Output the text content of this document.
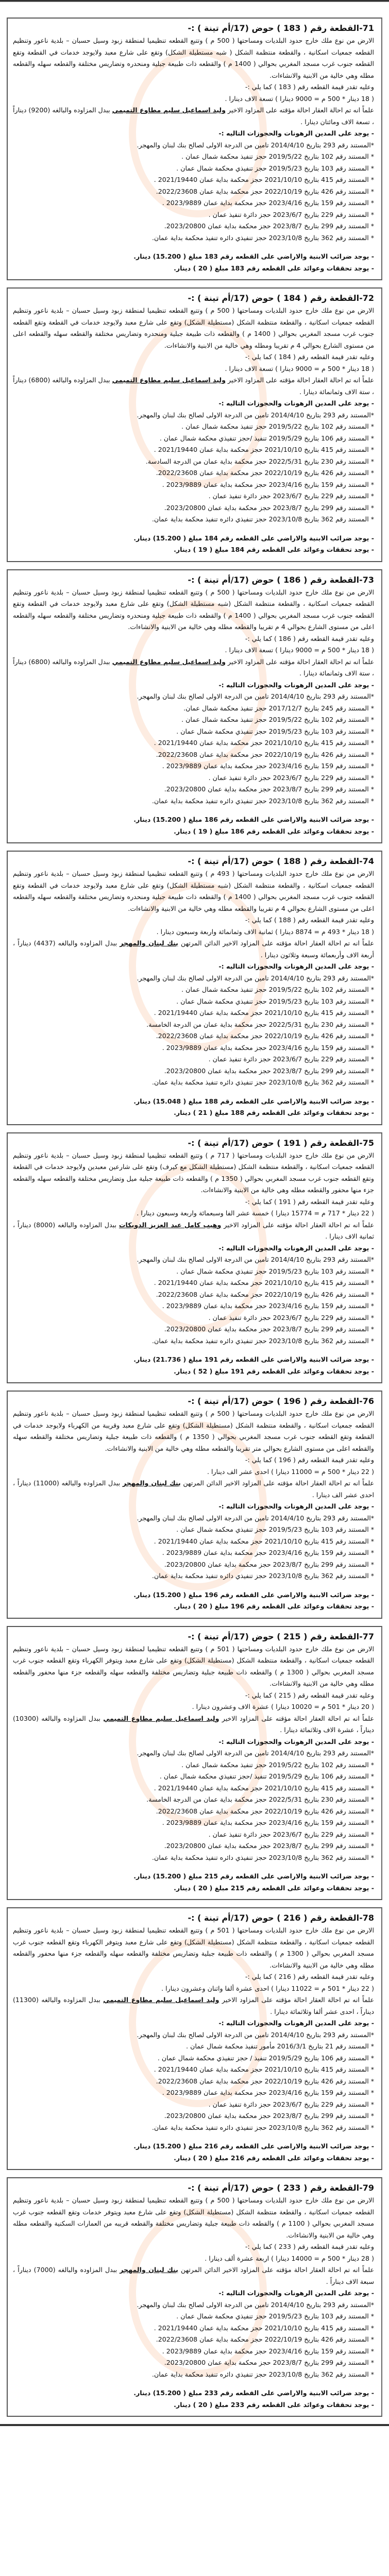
71-القطعة رقم ( 183 ) حوض (17/أم تينة ) :-

الارض من نوع ملك خارج حدود البلديات ومساحتها ( 500 م ) وتتبع القطعه تنظيميا لمنطقة زبود وسيل حسبان – بلدية ناعور وتنظيم القطعه جمعيات اسكانية ، والقطعة منتظمة الشكل ( شبه مستطيلة الشكل) وتقع على شارع معبد ولايوجد خدمات في القطعة وتقع القطعه جنوب غرب مسجد المغربي بحوالي ( 1400 م ) والقطعه ذات طبيعة جبلية ومنحدره وتضاريس مختلفة والقطعه سهله والقطعه مطله وهي خالية من الابنية والانشاءات.

وعليه تقدر قيمة القطعه رقم ( 183 ) كما يلي :-

( 18 دينار * 500 م = 9000 دينارا ) تسعة الاف دينارا .

علماً انه تم احالة العقار احالة مؤقته على المزاود الاخير وليد اسماعيل سليم مطاوع التميمي ببدل المزاوده والبالغه (9200) ديناراً ، تسعة الاف ومائتان دينارا .

- يوجد على المدين الرهونات والحجوزات التاليه :-

*المستند رقم 293 بتاريخ 2014/4/10 تامين من الدرجة الاولى لصالح بنك لبنان والمهجر.

* المستند رقم 102 بتاريخ 2019/5/22 حجز تنفيذ محكمة شمال عمان .

* المستند رقم 103 بتاريخ 2019/5/23 حجز تنفيذي محكمة شمال عمان .

* المستند رقم 415 بتاريخ 2021/10/10 حجز محكمة بداية عمان 2021/19440 .

* المستند رقم 426 بتاريخ 2022/10/19 حجز محكمة بداية عمان 2022/23608.

* المستند رقم 159 بتاريخ 2023/4/16 حجز محكمة بداية عمان 2023/9889 .

* المستند رقم 229 بتاريخ 2023/6/7 حجز دائرة تنفيذ عمان .

* المستند رقم 299 بتاريخ 2023/8/7 حجز محكمة بداية عمان 2023/20800.

* المستند رقم 362 بتاريخ 2023/10/8 حجز تنفيذي دائره تنفيذ محكمة بداية عمان.

- يوجد ضرائب الابنية والاراضي على القطعه رقم 183 مبلغ ( 15.200) دينار.

- يوجد تحققات وعوائد على القطعه رقم 183 مبلغ ( 20 ) دينار.

72-القطعة رقم ( 184 ) حوض (17/أم تينة ) :-

الارض من نوع ملك خارج حدود البلديات ومساحتها ( 500 م ) وتتبع القطعه تنظيميا لمنطقة زبود وسيل حسبان – بلدية ناعور وتنظيم القطعه جمعيات اسكانية ، والقطعة منتظمة الشكل (مستطيلة الشكل) وتقع على شارع معبد ولايوجد خدمات في القطعة وتقع القطعه جنوب غرب مسجد المغربي بحوالي ( 1400 م ) والقطعه ذات طبيعة جبلية ومنحدره وتضاريس مختلفة والقطعه سهله والقطعه اعلى من مستوى الشارع بحوالي 4 م تقريبا ومطله وهي خالية من الابنية والانشاءات.

وعليه تقدر قيمة القطعه رقم ( 184 ) كما يلي :-

( 18 دينار * 500 م = 9000 دينارا ) تسعة الاف دينارا .

علماً انه تم احالة العقار احالة مؤقته على المزاود الاخير وليد اسماعيل سليم مطاوع التميمي ببدل المزاوده والبالغه (6800) ديناراً ، ستة الاف وثمانمائة دينارا .

- يوجد على المدين الرهونات والحجوزات التاليه :-

*المستند رقم 293 بتاريخ 2014/4/10 تامين من الدرجة الاولى لصالح بنك لبنان والمهجر.

* المستند رقم 102 بتاريخ 2019/5/22 حجز تنفيذ محكمة شمال عمان .

* المستند رقم 106 بتاريخ 2019/5/29 تنفيذ /حجز تنفيذي محكمة شمال عمان .

* المستند رقم 415 بتاريخ 2021/10/10 حجز محكمة بداية عمان 2021/19440 .

* المستند رقم 230 بتاريخ 2022/5/31 حجز محكمة بداية عمان من الدرجة السادسة.

* المستند رقم 426 بتاريخ 2022/10/19 حجز محكمة بداية عمان 2022/23608.

* المستند رقم 159 بتاريخ 2023/4/16 حجز محكمة بداية عمان 2023/9889 .

* المستند رقم 229 بتاريخ 2023/6/7 حجز دائرة تنفيذ عمان .

* المستند رقم 299 بتاريخ 2023/8/7 حجز محكمة بداية عمان 2023/20800.

* المستند رقم 362 بتاريخ 2023/10/8 حجز تنفيذي دائره تنفيذ محكمة بداية عمان.

- يوجد ضرائب الابنية والاراضي على القطعه رقم 184 مبلغ ( 15.200) دينار.

- يوجد تحققات وعوائد على القطعه رقم 184 مبلغ ( 19 ) دينار.

73-القطعة رقم ( 186 ) حوض (17/أم تينة ) :-

الارض من نوع ملك خارج حدود البلديات ومساحتها ( 500 م ) وتتبع القطعه تنظيميا لمنطقة زبود وسيل حسبان – بلدية ناعور وتنظيم القطعه جمعيات اسكانية ، والقطعة منتظمة الشكل (شبه مستطيلة الشكل) وتقع على شارع معبد ولايوجد خدمات في القطعة وتقع القطعه جنوب غرب مسجد المغربي بحوالي ( 1400 م ) والقطعه ذات طبيعة جبلية ومنحدره وتضاريس مختلفة والقطعه سهله والقطعه اعلى من مستوى الشارع بحوالي 4 م تقريبا والقطعه مطله وهي خالية من الابنية والانشاءات.

وعليه تقدر قيمة القطعه رقم ( 186 ) كما يلي :-

( 18 دينار * 500 م = 9000 دينارا ) تسعة الاف دينارا .

علماً انه تم احالة العقار احالة مؤقته على المزاود الاخير وليد اسماعيل سليم مطاوع التميمي ببدل المزاوده والبالغه (6800) ديناراً ، ستة الاف وثمانمائة دينارا .

- يوجد على المدين الرهونات والحجوزات التاليه :-

*المستند رقم 293 بتاريخ 2014/4/10 تامين من الدرجة الاولى لصالح بنك لبنان والمهجر.

* المستند رقم 245 بتاريخ 2017/12/7 حجز تنفيذ محكمة شمال عمان.

* المستند رقم 102 بتاريخ 2019/5/22 حجز تنفيذ محكمة شمال عمان .

* المستند رقم 103 بتاريخ 2019/5/23 حجز تنفيذي محكمة شمال عمان .

* المستند رقم 415 بتاريخ 2021/10/10 حجز محكمة بداية عمان 2021/19440 .

* المستند رقم 426 بتاريخ 2022/10/19 حجز محكمة بداية عمان 2022/23608.

* المستند رقم 159 بتاريخ 2023/4/16 حجز محكمة بداية عمان 2023/9889 .

* المستند رقم 229 بتاريخ 2023/6/7 حجز دائرة تنفيذ عمان .

* المستند رقم 299 بتاريخ 2023/8/7 حجز محكمة بداية عمان 2023/20800.

* المستند رقم 362 بتاريخ 2023/10/8 حجز تنفيذي دائره تنفيذ محكمة بداية عمان.

- يوجد ضرائب الابنية والاراضي على القطعه رقم 186 مبلغ ( 15.200) دينار.

- يوجد تحققات وعوائد على القطعه رقم 186 مبلغ ( 19 ) دينار.

74-القطعة رقم ( 188 ) حوض (17/أم تينة ) :-

الارض من نوع ملك خارج حدود البلديات ومساحتها ( 493 م ) وتتبع القطعه تنظيميا لمنطقة زبود وسيل حسبان – بلدية ناعور وتنظيم القطعه جمعيات اسكانية ، والقطعة منتظمة الشكل (شبه مستطيلة الشكل) وتقع على شارع معبد ولايوجد خدمات في القطعة وتقع القطعه جنوب غرب مسجد المغربي بحوالي ( 1400 م ) والقطعه ذات طبيعة جبلية ومنحدره وتضاريس مختلفة والقطعه سهله والقطعه اعلى من مستوى الشارع بحوالي 4 م تقريبا والقطعه مطله وهي خالية من الابنية والانشاءات.

وعليه تقدر قيمة القطعه رقم ( 188 ) كما يلي :-

( 18 دينار * 493 م = 8874 دينارا ) ثمانية الاف وثمانمائة واربعة وسبعون دينارا .

علماً انه تم احالة العقار احالة مؤقته على المزاود الاخير الدائن المرتهن بنك لبنان والمهجر ببدل المزاوده والبالغه (4437) ديناراً ، أربعة الاف وأربعمائة وسبعة وثلاثون دينارا .

- يوجد على المدين الرهونات والحجوزات التاليه :-

*المستند رقم 293 بتاريخ 2014/4/10 تامين من الدرجة الاولى لصالح بنك لبنان والمهجر.

* المستند رقم 102 بتاريخ 2019/5/22 حجز تنفيذ محكمة شمال عمان .

* المستند رقم 103 بتاريخ 2019/5/23 حجز تنفيذي محكمة شمال عمان .

* المستند رقم 415 بتاريخ 2021/10/10 حجز محكمة بداية عمان 2021/19440 .

* المستند رقم 230 بتاريخ 2022/5/31 حجز محكمة بداية عمان من الدرجة الخامسة.

* المستند رقم 426 بتاريخ 2022/10/19 حجز محكمة بداية عمان 2022/23608.

* المستند رقم 159 بتاريخ 2023/4/16 حجز محكمة بداية عمان 2023/9889 .

* المستند رقم 229 بتاريخ 2023/6/7 حجز دائرة تنفيذ عمان .

* المستند رقم 299 بتاريخ 2023/8/7 حجز محكمة بداية عمان 2023/20800.

* المستند رقم 362 بتاريخ 2023/10/8 حجز تنفيذي دائره تنفيذ محكمة بداية عمان.

- يوجد ضرائب الابنية والاراضي على القطعه رقم 188 مبلغ ( 15.048) دينار.

- يوجد تحققات وعوائد على القطعه رقم 188 مبلغ ( 21 ) دينار.

75-القطعة رقم ( 191 ) حوض (17/أم تينة ) :-

الارض من نوع ملك خارج حدود البلديات ومساحتها ( 717 م ) وتتبع القطعه تنظيميا لمنطقة زبود وسيل حسبان – بلدية ناعور وتنظيم القطعه جمعيات اسكانية ، والقطعة منتظمة الشكل (مستطيلة الشكل مع كيرف) وتقع على شارعين معبدين ولايوجد خدمات في القطعة وتقع القطعه جنوب غرب مسجد المغربي بحوالي ( 1350 م ) والقطعه ذات طبيعة جبلية ميل وتضاريس مختلفة والقطعه سهله والقطعه جزء منها محفور والقطعه مطله وهي خالية من الابنية والانشاءات.

وعليه تقدر قيمة القطعه رقم ( 191 ) كما يلي :-

( 22 دينار * 717 م = 15774 دينارا ) خمسة عشر الفا وسبعمائة واربعة وسبعون دينارا .

علماً انه تم احالة العقار احالة مؤقته على المزاود الاخير وهيب كامل عبد العزيز الدويكات ببدل المزاوده والبالغه (8000) ديناراً ، ثمانية الاف دينارا .

- يوجد على المدين الرهونات والحجوزات التاليه :-

*المستند رقم 293 بتاريخ 2014/4/10 تامين من الدرجة الاولى لصالح بنك لبنان والمهجر.

* المستند رقم 103 بتاريخ 2019/5/23 حجز تنفيذي محكمة شمال عمان .

* المستند رقم 415 بتاريخ 2021/10/10 حجز محكمة بداية عمان 2021/19440 .

* المستند رقم 426 بتاريخ 2022/10/19 حجز محكمة بداية عمان 2022/23608.

* المستند رقم 159 بتاريخ 2023/4/16 حجز محكمة بداية عمان 2023/9889 .

* المستند رقم 229 بتاريخ 2023/6/7 حجز دائرة تنفيذ عمان .

* المستند رقم 299 بتاريخ 2023/8/7 حجز محكمة بداية عمان 2023/20800.

* المستند رقم 362 بتاريخ 2023/10/8 حجز تنفيذي دائره تنفيذ محكمة بداية عمان.

- يوجد ضرائب الابنية والاراضي على القطعه رقم 191 مبلغ ( 21.736) دينار.

- يوجد تحققات وعوائد على القطعه رقم 191 مبلغ ( 52 ) دينار.

76-القطعة رقم ( 196 ) حوض (17/أم تينة ) :-

الارض من نوع ملك خارج حدود البلديات ومساحتها ( 500 م ) وتتبع القطعه تنظيميا لمنطقة زبود وسيل حسبان – بلدية ناعور وتنظيم القطعه جمعيات اسكانية ، والقطعة منتظمة الشكل (مستطيلة الشكل) وتقع على شارع معبد وقريبة من الكهرباء ولايوجد خدمات في القطعة وتقع القطعه جنوب غرب مسجد المغربي بحوالي ( 1350 م ) والقطعه ذات طبيعة جبلية وتضاريس مختلفة والقطعه سهله والقطعه اعلى من مستوى الشارع بحوالي متر تقريبا والقطعه مطله وهي خالية من الابنية والانشاءات.

وعليه تقدر قيمة القطعه رقم ( 196 ) كما يلي :-

( 22 دينار * 500 م = 11000 دينارا ) احدى عشر الف دينارا .

علماً انه تم احالة العقار احالة مؤقته على المزاود الاخير الدائن المرتهن بنك لبنان والمهجر ببدل المزاوده والبالغه (11000) ديناراً ، احدى عشر الف دينارا .

- يوجد على المدين الرهونات والحجوزات التاليه :-

*المستند رقم 293 بتاريخ 2014/4/10 تامين من الدرجة الاولى لصالح بنك لبنان والمهجر.

* المستند رقم 103 بتاريخ 2019/5/23 حجز تنفيذي محكمة شمال عمان .

* المستند رقم 415 بتاريخ 2021/10/10 حجز محكمة بداية عمان 2021/19440 .

* المستند رقم 159 بتاريخ 2023/4/16 حجز محكمة بداية عمان 2023/9889 .

* المستند رقم 299 بتاريخ 2023/8/7 حجز محكمة بداية عمان 2023/20800.

* المستند رقم 362 بتاريخ 2023/10/8 حجز تنفيذي دائره تنفيذ محكمة بداية عمان.

- يوجد ضرائب الابنية والاراضي على القطعه رقم 196 مبلغ ( 15.200) دينار.

- يوجد تحققات وعوائد على القطعه رقم 196 مبلغ ( 20 ) دينار.

77-القطعة رقم ( 215 ) حوض (17/أم تينة ) :-

الارض من نوع ملك خارج حدود البلديات ومساحتها ( 501 م ) وتتبع القطعه تنظيميا لمنطقة زبود وسيل حسبان – بلدية ناعور وتنظيم القطعه جمعيات اسكانية ، والقطعة منتظمة الشكل (مستطيلة الشكل) وتقع على شارع معبد ويتوفر الكهرباء وتقع القطعه جنوب غرب مسجد المغربي بحوالي ( 1300 م ) والقطعه ذات طبيعة جبلية وتضاريس مختلفة والقطعه سهله والقطعه جزء منها محفور والقطعه مطله وهي خالية من الابنية والانشاءات.

وعليه تقدر قيمة القطعه رقم ( 215 ) كما يلي :-

( 20 دينار * 501 م = 10020 دينارا ) عشرة الاف وعشرون دينارا .

علماً انه تم احالة العقار احالة مؤقته على المزاود الاخير وليد اسماعيل سليم مطاوع التميمي ببدل المزاوده والبالغه (10300) ديناراً ، عشرة الاف وثلاثمائة دينارا .

- يوجد على المدين الرهونات والحجوزات التاليه :-

*المستند رقم 293 بتاريخ 2014/4/10 تامين من الدرجة الاولى لصالح بنك لبنان والمهجر.

* المستند رقم 102 بتاريخ 2019/5/22 حجز تنفيذ محكمة شمال عمان .

* المستند رقم 106 بتاريخ 2019/5/29 تنفيذ /حجز تنفيذي محكمة شمال عمان .

* المستند رقم 415 بتاريخ 2021/10/10 حجز محكمة بداية عمان 2021/19440 .

* المستند رقم 230 بتاريخ 2022/5/31 حجز محكمة بداية عمان من الدرجة الخامسة.

* المستند رقم 426 بتاريخ 2022/10/19 حجز محكمة بداية عمان 2022/23608.

* المستند رقم 159 بتاريخ 2023/4/16 حجز محكمة بداية عمان 2023/9889 .

* المستند رقم 229 بتاريخ 2023/6/7 حجز دائرة تنفيذ عمان .

* المستند رقم 299 بتاريخ 2023/8/7 حجز محكمة بداية عمان 2023/20800.

* المستند رقم 362 بتاريخ 2023/10/8 حجز تنفيذي دائره تنفيذ محكمة بداية عمان.

- يوجد ضرائب الابنية والاراضي على القطعه رقم 215 مبلغ ( 15.200) دينار.

- يوجد تحققات وعوائد على القطعه رقم 215 مبلغ ( 20 ) دينار.

78-القطعة رقم ( 216 ) حوض (17/أم تينة ) :-

الارض من نوع ملك خارج حدود البلديات ومساحتها ( 501 م ) وتتبع القطعه تنظيميا لمنطقة زبود وسيل حسبان – بلدية ناعور وتنظيم القطعه جمعيات اسكانية ، والقطعة منتظمة الشكل (مستطيلة الشكل) وتقع على شارع معبد ويتوفر الكهرباء وتقع القطعه جنوب غرب مسجد المغربي بحوالي ( 1300 م ) والقطعه ذات طبيعة جبلية وتضاريس مختلفة والقطعه سهله والقطعه جزء منها محفور والقطعه مطله وهي خالية من الابنية والانشاءات.

وعليه تقدر قيمة القطعه رقم ( 216 ) كما يلي :-

( 22 دينار * 501 م = 11022 دينارا ) احدى عشرة ألفا واثنان وعشرون دينارا .

علماً انه تم احالة العقار احالة مؤقته على المزاود الاخير وليد اسماعيل سليم مطاوع التميمي ببدل المزاوده والبالغه (11300) ديناراً ، احدى عشر ألفا وثلاثمائة دينارا .

- يوجد على المدين الرهونات والحجوزات التاليه :-

*المستند رقم 293 بتاريخ 2014/4/10 تامين من الدرجة الاولى لصالح بنك لبنان والمهجر.

* المستند رقم 21 بتاريخ 2016/3/1 مأمور تنفيذ محكمة شمال عمان .

* المستند رقم 106 بتاريخ 2019/5/29 تنفيذ / حجز تنفيذي محكمة شمال عمان .

* المستند رقم 415 بتاريخ 2021/10/10 حجز محكمة بداية عمان 2021/19440 .

* المستند رقم 426 بتاريخ 2022/10/19 حجز محكمة بداية عمان 2022/23608.

* المستند رقم 159 بتاريخ 2023/4/16 حجز محكمة بداية عمان 2023/9889 .

* المستند رقم 229 بتاريخ 2023/6/7 حجز دائرة تنفيذ عمان .

* المستند رقم 299 بتاريخ 2023/8/7 حجز محكمة بداية عمان 2023/20800.

* المستند رقم 362 بتاريخ 2023/10/8 حجز تنفيذي دائره تنفيذ محكمة بداية عمان.

- يوجد ضرائب الابنية والاراضي على القطعه رقم 216 مبلغ ( 15.200) دينار.

- يوجد تحققات وعوائد على القطعه رقم 216 مبلغ ( 20 ) دينار.

79-القطعة رقم ( 233 ) حوض (17/أم تينة ) :-

الارض من نوع ملك خارج حدود البلديات ومساحتها ( 500 م ) وتتبع القطعه تنظيميا لمنطقة زبود وسيل حسبان – بلدية ناعور وتنظيم القطعه جمعيات اسكانية ، والقطعة منتظمة الشكل (مستطيلة الشكل) وتقع على شارع معبد ويتوفر خدمات وتقع القطعه جنوب غرب مسجد المغربي بحوالي ( 1100 م ) والقطعه ذات طبيعة جبلية وتضاريس مختلفة والقطعه قريبه من العمارات السكنية والقطعه مطله وهي خالية من الابنية والانشاءات.

وعليه تقدر قيمة القطعه رقم ( 233 ) كما يلي :-

( 28 دينار * 500 م = 14000 دينارا ) اربعة عشرة ألف دينارا .

علماً انه تم احالة العقار احالة مؤقته على المزاود الاخير الدائن المرتهن بنك لبنان والمهجر ببدل المزاوده والبالغه (7000) ديناراً ، سبعة الاف ديناراً .

- يوجد على المدين الرهونات والحجوزات التاليه :-

*المستند رقم 293 بتاريخ 2014/4/10 تامين من الدرجة الاولى لصالح بنك لبنان والمهجر.

* المستند رقم 103 بتاريخ 2019/5/23 حجز تنفيذي محكمة شمال عمان .

* المستند رقم 415 بتاريخ 2021/10/10 حجز محكمة بداية عمان 2021/19440 .

* المستند رقم 426 بتاريخ 2022/10/19 حجز محكمة بداية عمان 2022/23608.

* المستند رقم 159 بتاريخ 2023/4/16 حجز محكمة بداية عمان 2023/9889 .

* المستند رقم 299 بتاريخ 2023/8/7 حجز محكمة بداية عمان 2023/20800.

* المستند رقم 362 بتاريخ 2023/10/8 حجز تنفيذي دائره تنفيذ محكمة بداية عمان.

- يوجد ضرائب الابنية والاراضي على القطعه رقم 233 مبلغ ( 15.200) دينار.

- يوجد تحققات وعوائد على القطعه رقم 233 مبلغ ( 20 ) دينار.
